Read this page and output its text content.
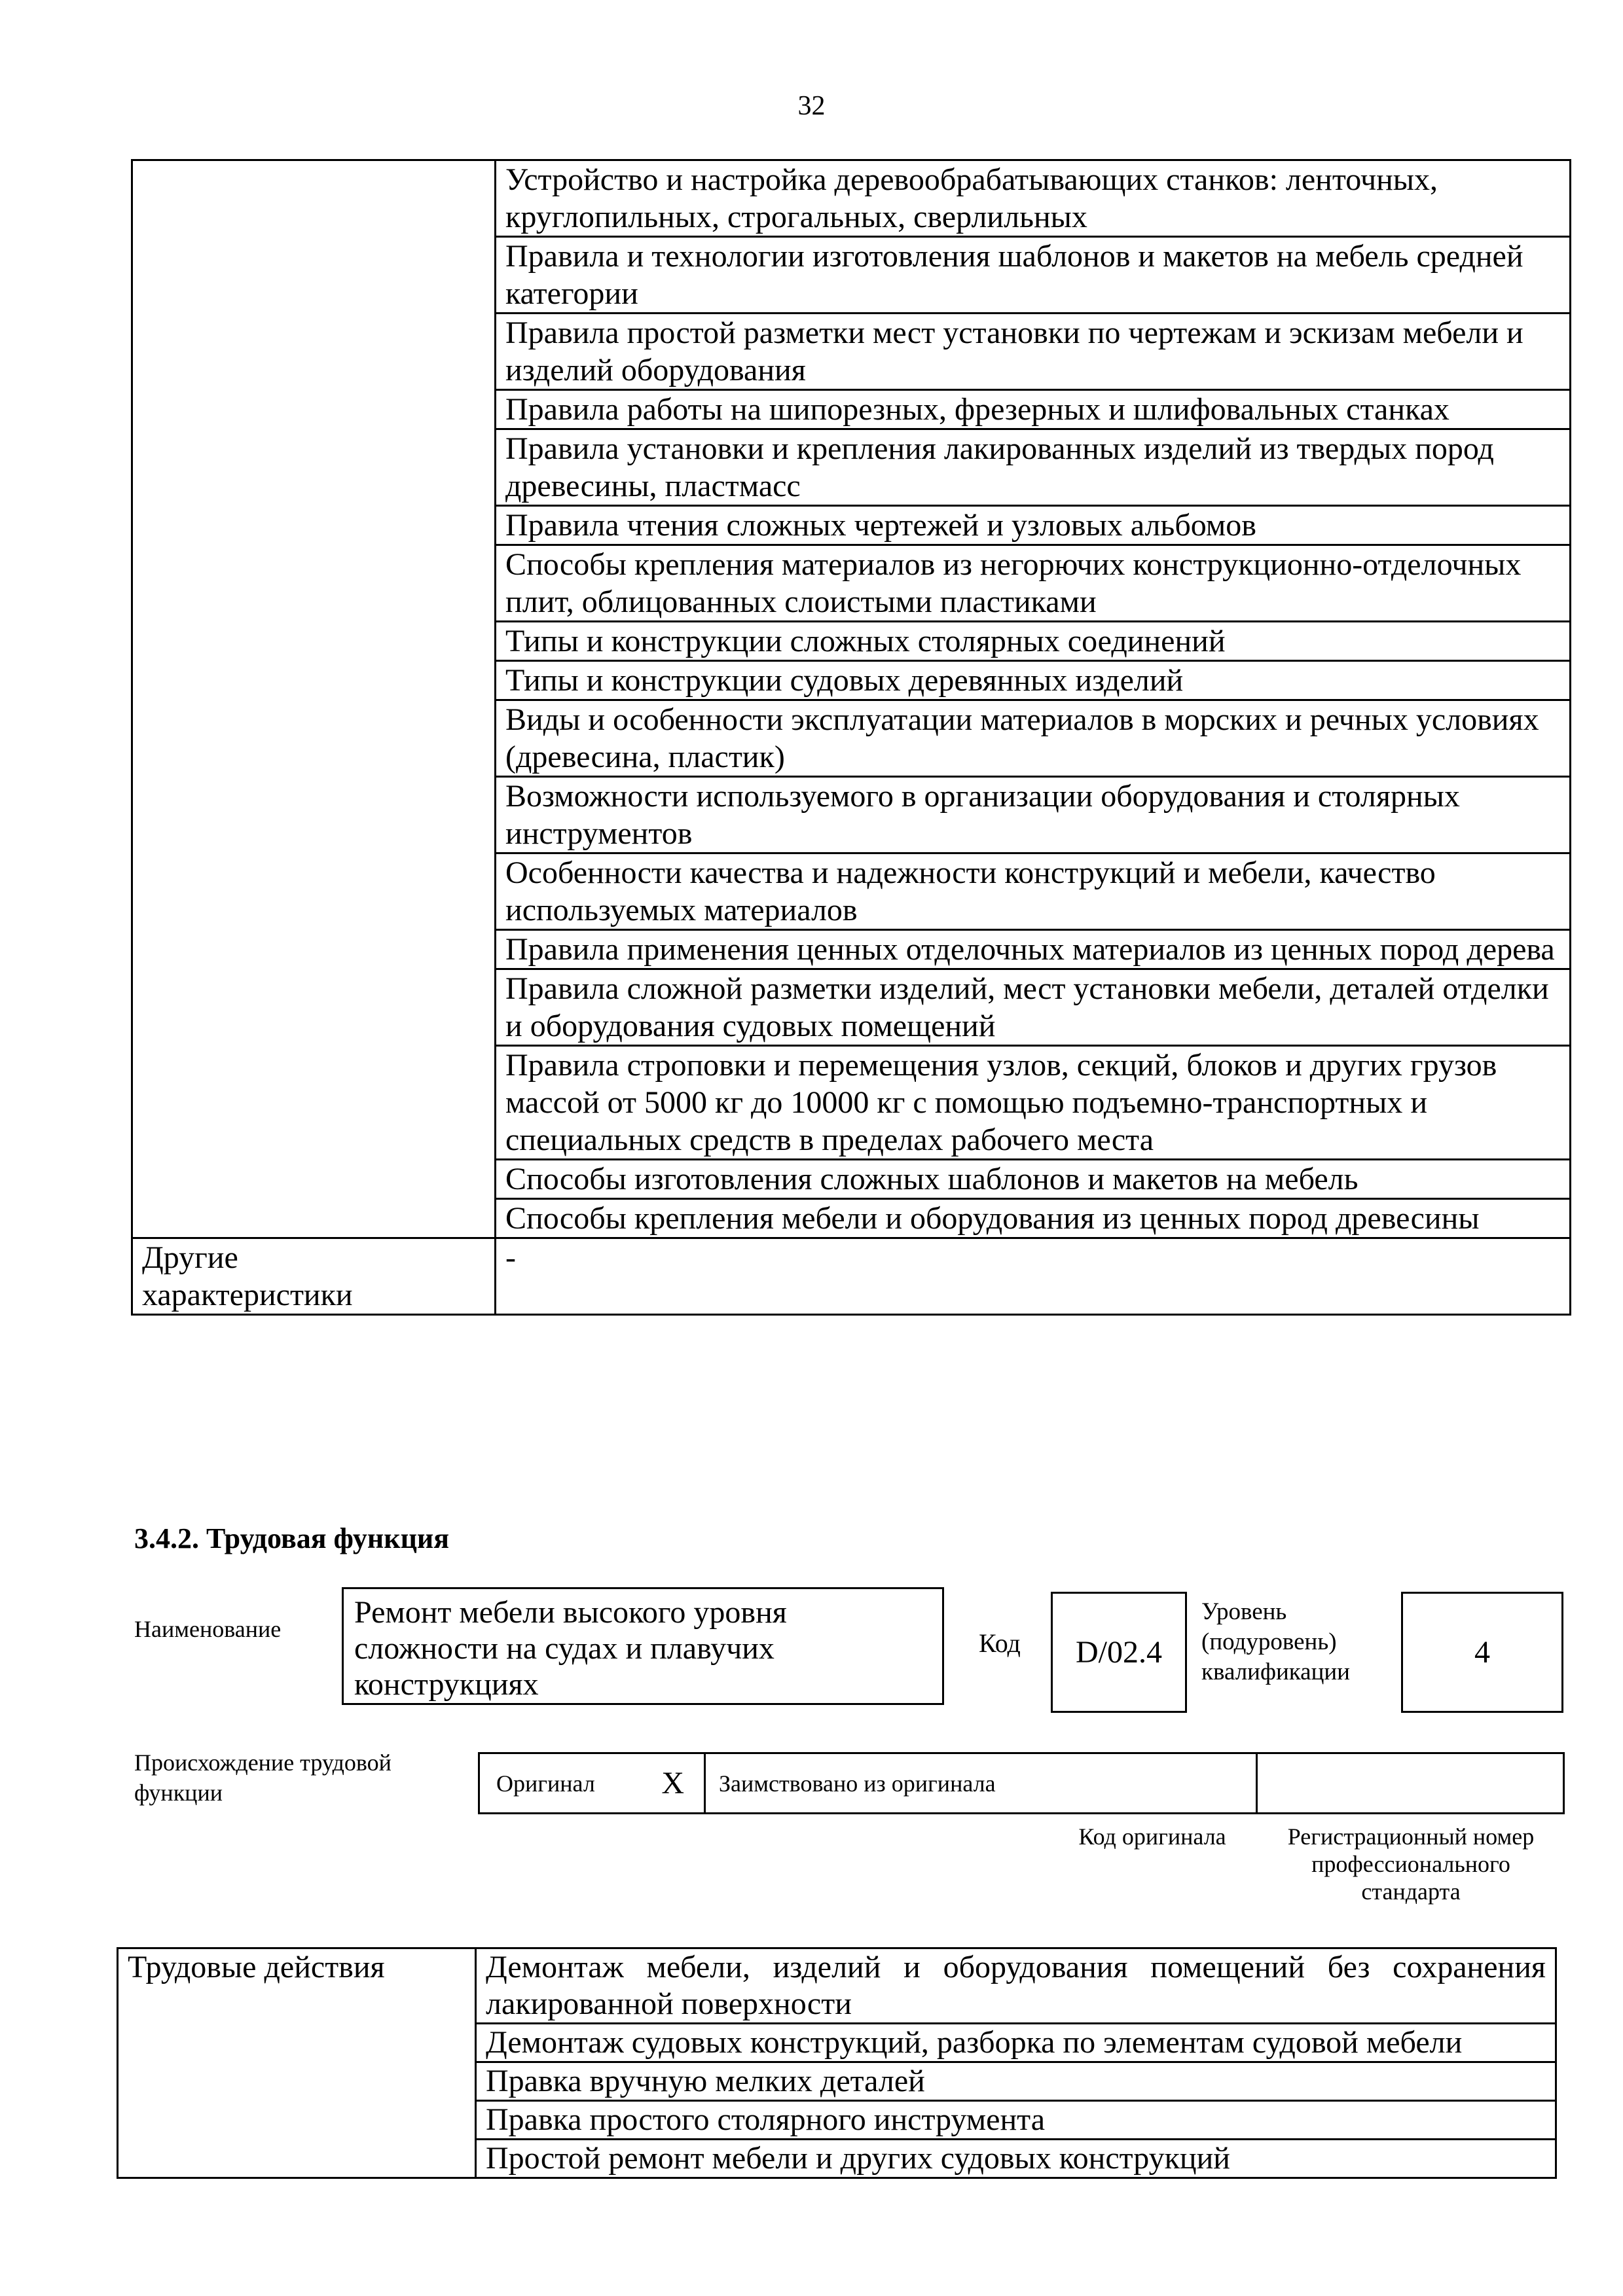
32
	Устройство и настройка деревообрабатывающих станков: ленточных, круглопильных, строгальных, сверлильных
	Правила и технологии изготовления шаблонов и макетов на мебель средней категории
	Правила простой разметки мест установки по чертежам и эскизам мебели и изделий оборудования
	Правила работы на шипорезных, фрезерных и шлифовальных станках
	Правила установки и крепления лакированных изделий из твердых пород древесины, пластмасс
	Правила чтения сложных чертежей и узловых альбомов
	Способы крепления материалов из негорючих конструкционно-отделочных плит, облицованных слоистыми пластиками
	Типы и конструкции сложных столярных соединений
	Типы и конструкции судовых деревянных изделий
	Виды и особенности эксплуатации материалов в морских и речных условиях (древесина, пластик)
	Возможности используемого в организации оборудования и столярных инструментов
	Особенности качества и надежности конструкций и мебели, качество используемых материалов
	Правила применения ценных отделочных материалов из ценных пород дерева
	Правила сложной разметки изделий, мест установки мебели, деталей отделки и оборудования судовых помещений
	Правила строповки и перемещения узлов, секций, блоков и других грузов массой от 5000 кг до 10000 кг с помощью подъемно-транспортных и специальных средств в пределах рабочего места
	Способы изготовления сложных шаблонов и макетов на мебель
	Способы крепления мебели и оборудования из ценных пород древесины
Другие характеристики	-
3.4.2. Трудовая функция
Наименование	Ремонт мебели высокого уровня сложности на судах и плавучих конструкциях
Код	D/02.4
Уровень (подуровень) квалификации
4
Происхождение трудовой функции	Оригинал X Заимствовано из оригинала
Код оригинала	Регистрационный номер профессионального стандарта
Трудовые действия	Демонтаж мебели, изделий и оборудования помещений без сохранения лакированной поверхности
Демонтаж судовых конструкций, разборка по элементам судовой мебели
Правка вручную мелких деталей
Правка простого столярного инструмента
Простой ремонт мебели и других судовых конструкций
